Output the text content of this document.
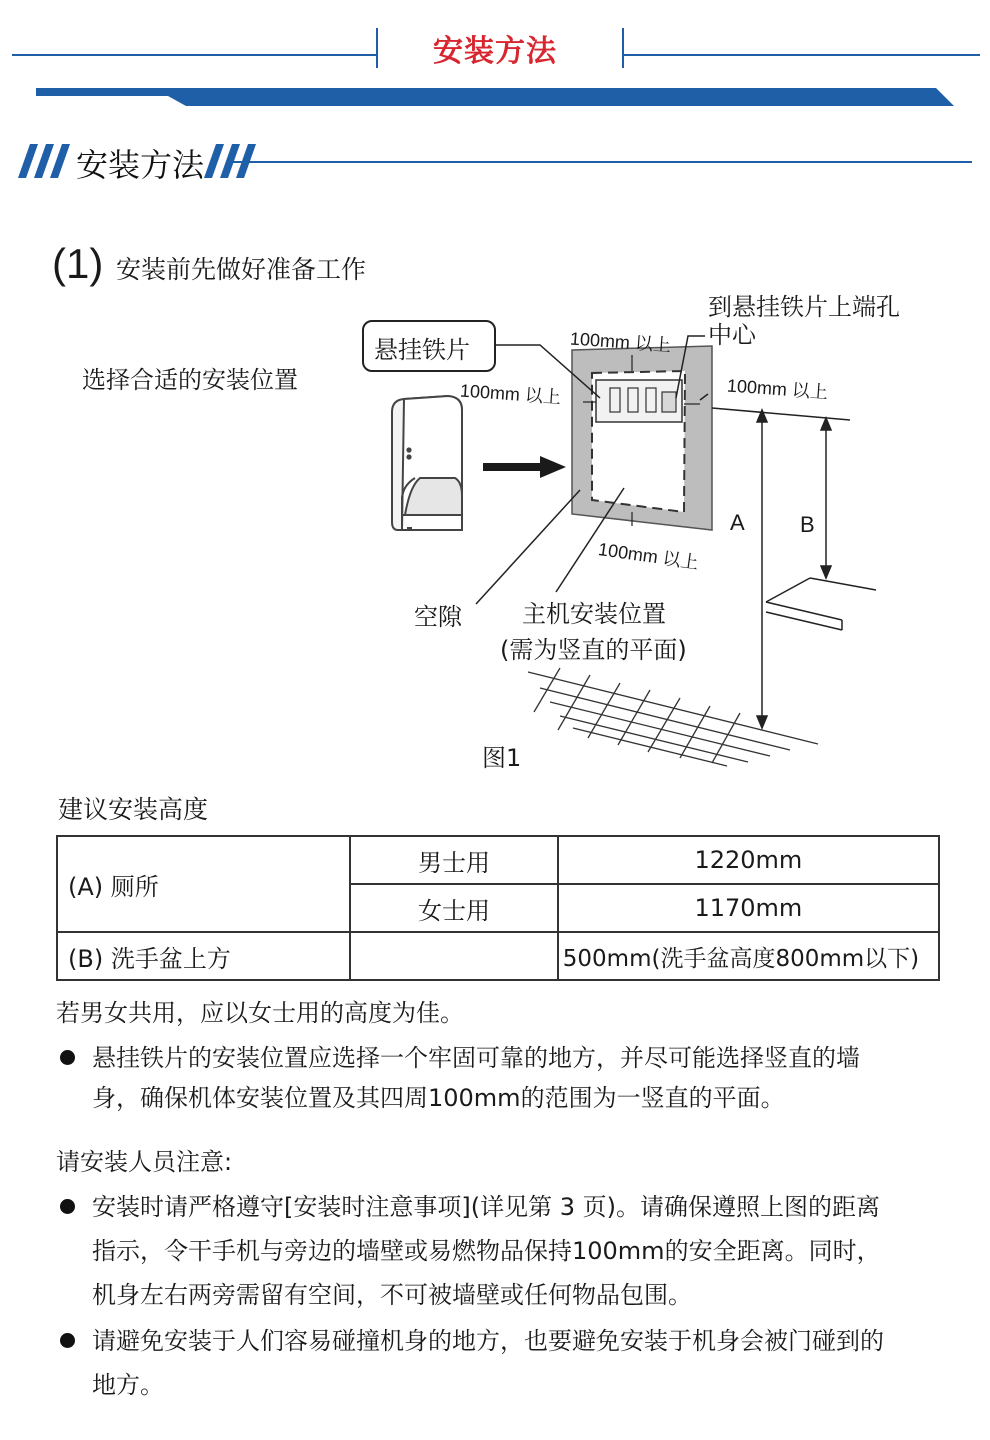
安装方法
安装方法
(1) 安装前先做好准备工作
悬挂铁片
选择合适的安装位置
到悬挂铁片上端孔
中心
100mm 以上
100mm 以上	100mm 以上
100mm 以上
A	B
空隙	主机安装位置
(需为竖直的平面)
图1
建议安装高度
(A) 厕所	男士用	1220mm
	女士用	1170mm
(B) 洗手盆上方		500mm(洗手盆高度800mm以下)
若男女共用，应以女士用的高度为佳。
悬挂铁片的安装位置应选择一个牢固可靠的地方，并尽可能选择竖直的墙
身，确保机体安装位置及其四周100mm的范围为一竖直的平面。
请安装人员注意:
安装时请严格遵守[安装时注意事项](详见第 3 页)。请确保遵照上图的距离
指示，令干手机与旁边的墙壁或易燃物品保持100mm的安全距离。同时，
机身左右两旁需留有空间，不可被墙壁或任何物品包围。
请避免安装于人们容易碰撞机身的地方，也要避免安装于机身会被门碰到的
地方。
